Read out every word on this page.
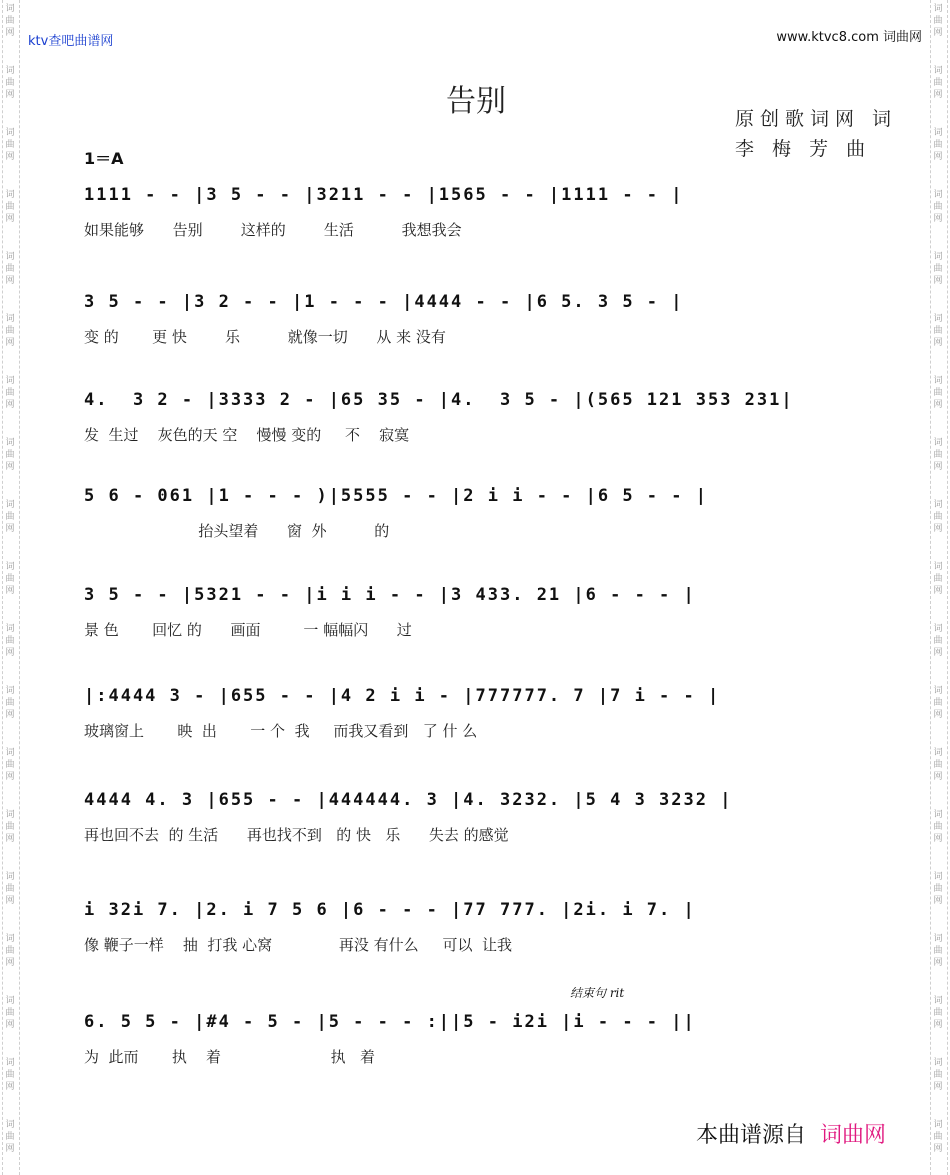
词
曲
网
词
曲
网
词
曲
网
词
曲
网
词
曲
网
词
曲
网
词
曲
网
词
曲
网
词
曲
网
词
曲
网
词
曲
网
词
曲
网
词
曲
网
词
曲
网
词
曲
网
词
曲
网
词
曲
网
词
曲
网
词
曲
网
词
曲
网
词
曲
网
词
曲
网
词
曲
网
词
曲
网
词
曲
网
词
曲
网
词
曲
网
词
曲
网
词
曲
网
词
曲
网
词
曲
网
词
曲
网
词
曲
网
词
曲
网
词
曲
网
词
曲
网
词
曲
网
词
曲
网
ktv查吧曲谱网	www.ktvc8.com 词曲网
告别	原创歌词网 词
李 梅 芳 曲
1＝A
1111 - - |3 5 - - |3211 - - |1565 - - |1111 - - |
如果能够      告别        这样的        生活          我想我会
3 5 - - |3 2 - - |1 - - - |4444 - - |6 5. 3 5 - |
变 的       更 快        乐          就像一切      从 来 没有
4.  3 2 - |3333 2 - |65 35 - |4.  3 5 - |(565 121 353 231|
发  生过    灰色的天 空    慢慢 变的     不    寂寞
5 6 - 061 |1 - - - )|5555 - - |2 i i - - |6 5 - - |
抬头望着      窗  外          的
3 5 - - |5321 - - |i i i - - |3 433. 21 |6 - - - |
景 色       回忆 的      画面         一 幅幅闪      过
|:4444 3 - |655 - - |4 2 i i - |777777. 7 |7 i - - |
玻璃窗上       映  出       一 个  我     而我又看到   了 什 么
4444 4. 3 |655 - - |444444. 3 |4. 3232. |5 4 3 3232 |
再也回不去  的 生活      再也找不到   的 快   乐      失去 的感觉
i 32i 7. |2. i 7 5 6 |6 - - - |77 777. |2i. i 7. |
像 鞭子一样    抽  打我 心窝              再没 有什么     可以  让我
6. 5 5 - |#4 - 5 - |5 - - - :||5 - i2i |i - - - ||
为  此而       执    着                       执   着
结束句 rit
本曲谱源自 词曲网
